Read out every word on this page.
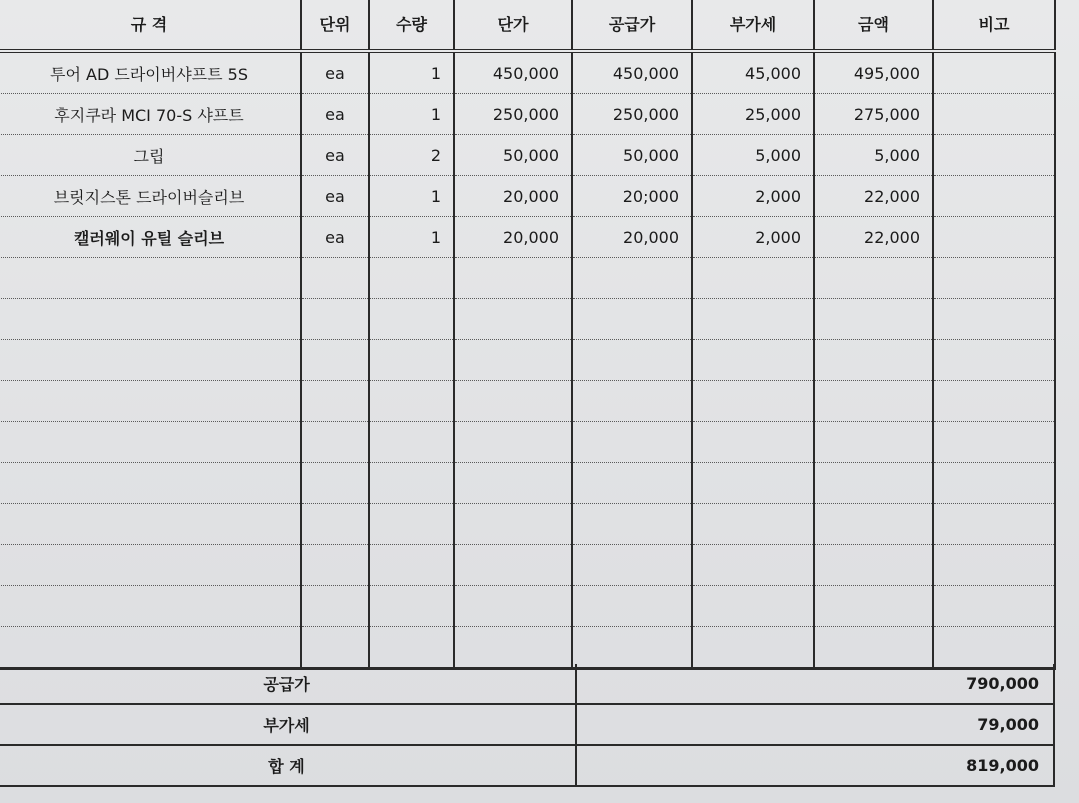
규 격	단위	수량	단가	공급가	부가세	금액	비고
투어 AD 드라이버샤프트 5S	ea	1	450,000	450,000	45,000	495,000	
후지쿠라 MCI 70-S 샤프트	ea	1	250,000	250,000	25,000	275,000	
그립	ea	2	50,000	50,000	5,000	5,000	
브릿지스톤 드라이버슬리브	ea	1	20,000	20;000	2,000	22,000	
캘러웨이 유틸 슬리브	ea	1	20,000	20,000	2,000	22,000	

공급가	790,000
부가세	79,000
합 계	819,000
